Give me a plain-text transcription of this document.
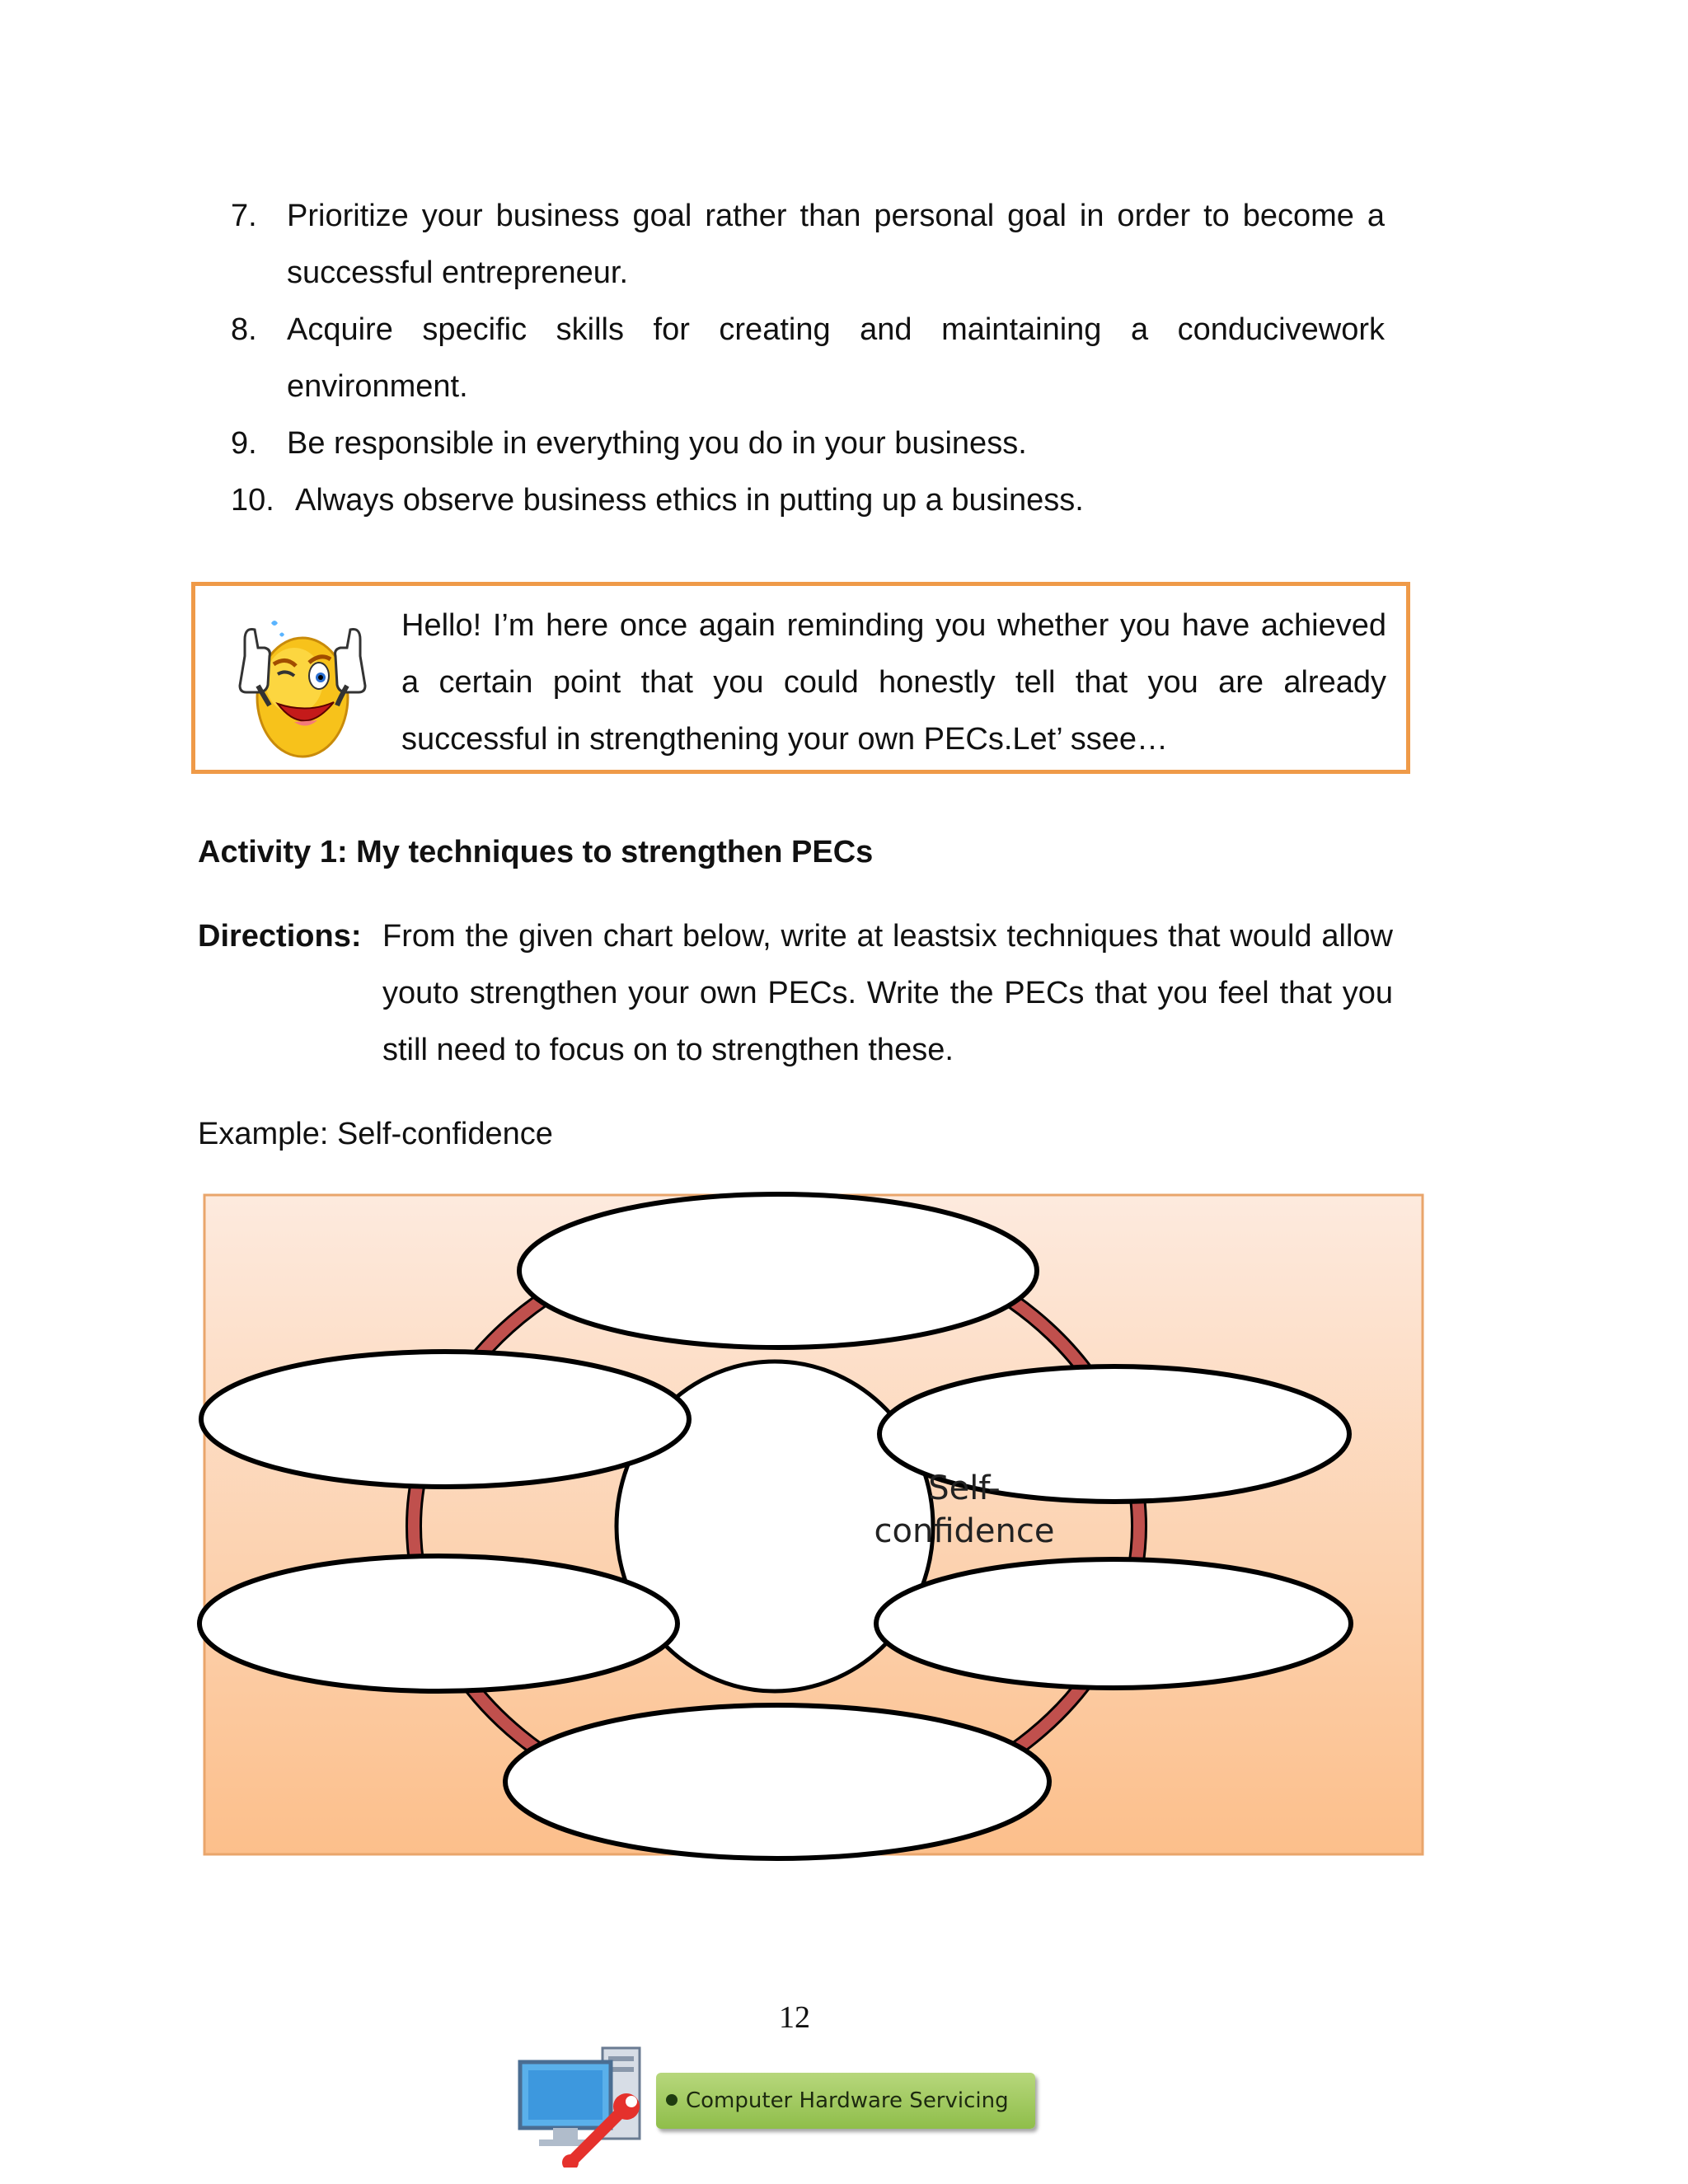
7. Prioritize your business goal rather than personal goal in order to become a successful entrepreneur.
8. Acquire specific skills for creating and maintaining a conducivework environment.
9. Be responsible in everything you do in your business.
10. Always observe business ethics in putting up a business.
Hello! I’m here once again reminding you whether you have achieved a certain point that you could honestly tell that you are already successful in strengthening your own PECs.Let’ ssee…
Activity 1: My techniques to strengthen PECs
Directions: From the given chart below, write at leastsix techniques that would allow youto strengthen your own PECs. Write the PECs that you feel that you still need to focus on to strengthen these.
Example: Self-confidence
Self-
confidence
12
Computer Hardware Servicing
